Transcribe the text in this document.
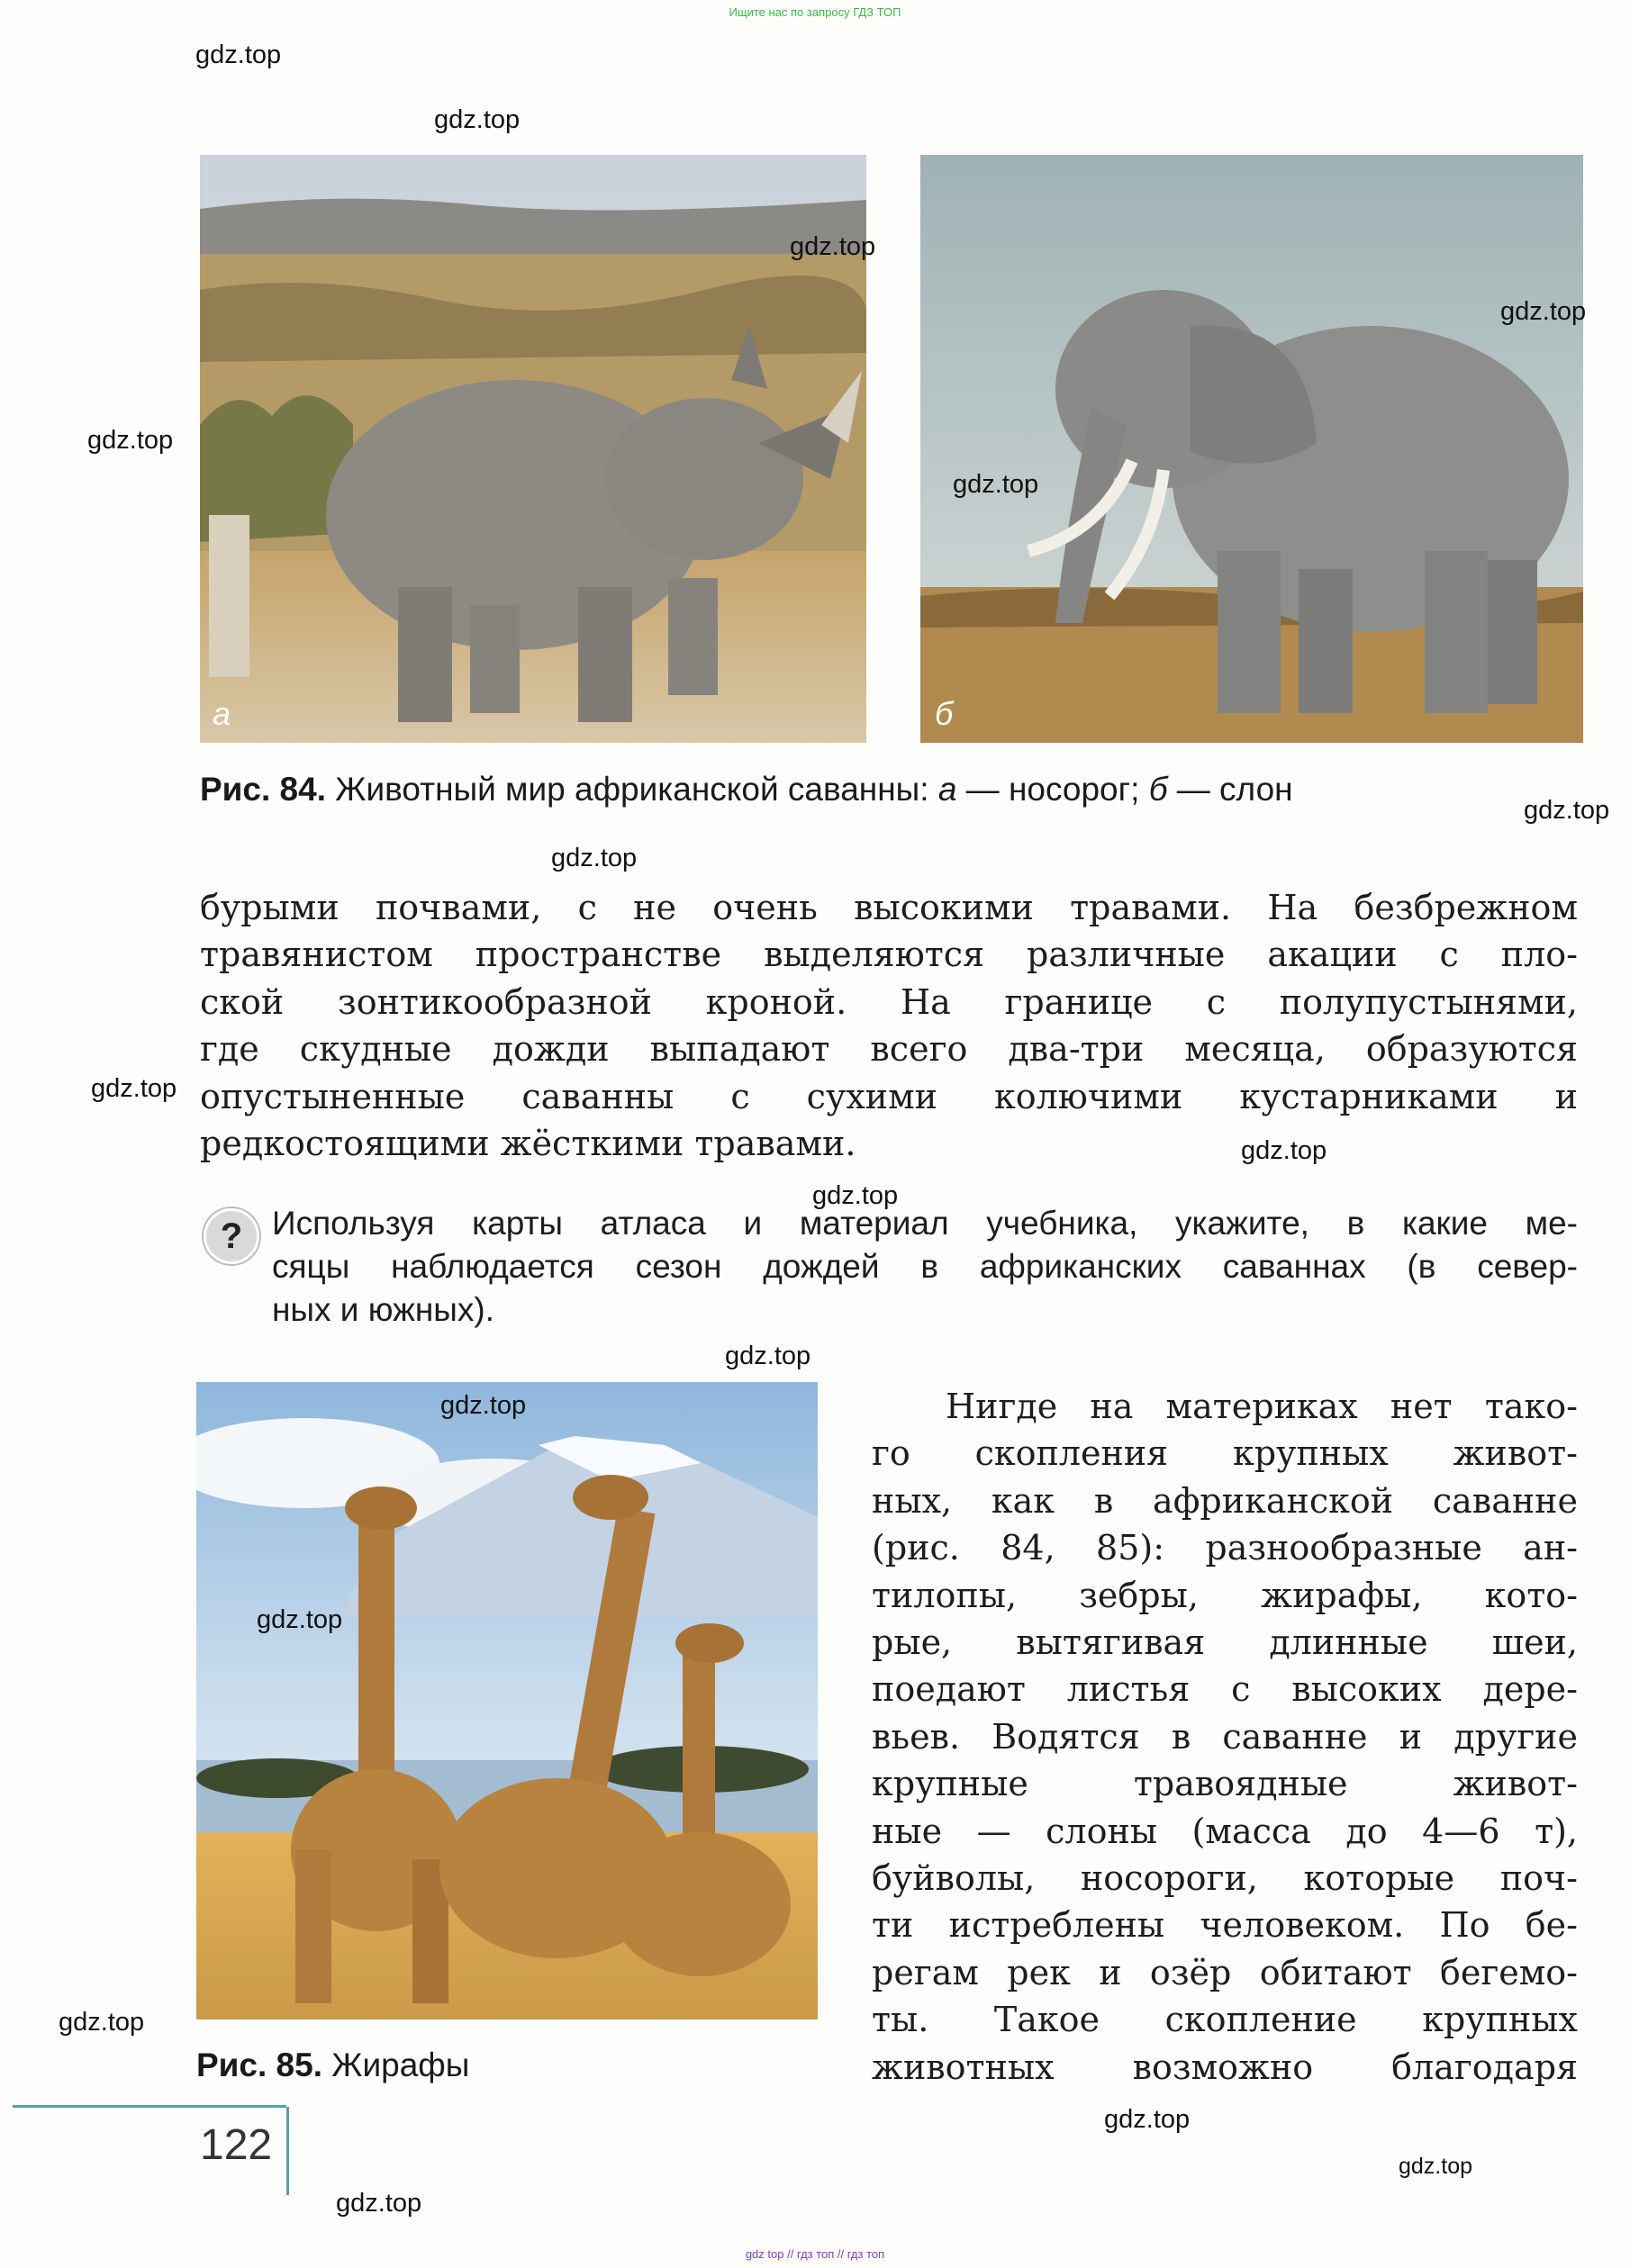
Ищите нас по запросу ГДЗ ТОП
gdz top // гдз топ // гдз топ
а	б
Рис. 84. Животный мир африканской саванны: а — носорог; б — слон
бурыми почвами, с не очень высокими травами. На безбрежном
травянистом пространстве выделяются различные акации с пло-
ской зонтикообразной кроной. На границе с полупустынями,
где скудные дожди выпадают всего два-три месяца, образуются
опустыненные саванны с сухими колючими кустарниками и
редкостоящими жёсткими травами.
? Используя карты атласа и материал учебника, укажите, в какие ме-
сяцы наблюдается сезон дождей в африканских саваннах (в север-
ных и южных).
Рис. 85. Жирафы
Нигде на материках нет тако-
го скопления крупных живот-
ных, как в африканской саванне
(рис. 84, 85): разнообразные ан-
тилопы, зебры, жирафы, кото-
рые, вытягивая длинные шеи,
поедают листья с высоких дере-
вьев. Водятся в саванне и другие
крупные травоядные живот-
ные — слоны (масса до 4—6 т),
буйволы, носороги, которые поч-
ти истреблены человеком. По бе-
регам рек и озёр обитают бегемо-
ты. Такое скопление крупных
животных возможно благодаря
122
gdz.top
gdz.top
gdz.top
gdz.top
gdz.top
gdz.top
gdz.top
gdz.top
gdz.top
gdz.top
gdz.top
gdz.top
gdz.top
gdz.top
gdz.top
gdz.top
gdz.top
gdz.top
